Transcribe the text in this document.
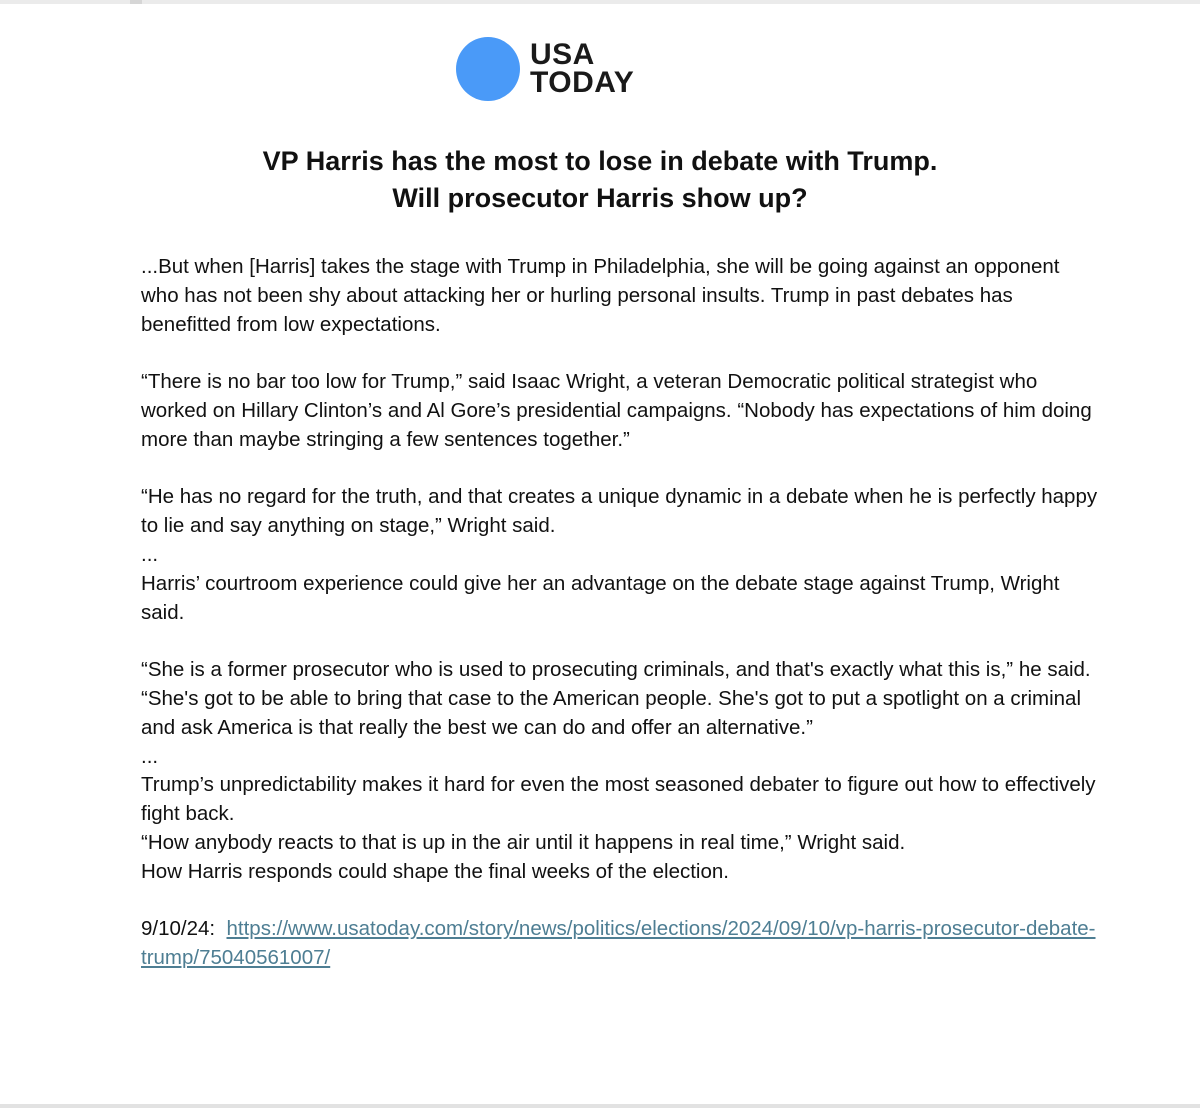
USA
TODAY
VP Harris has the most to lose in debate with Trump.
Will prosecutor Harris show up?

...But when [Harris] takes the stage with Trump in Philadelphia, she will be going against an opponent who has not been shy about attacking her or hurling personal insults. Trump in past debates has benefitted from low expectations.

“There is no bar too low for Trump,” said Isaac Wright, a veteran Democratic political strategist who worked on Hillary Clinton’s and Al Gore’s presidential campaigns. “Nobody has expectations of him doing more than maybe stringing a few sentences together.”

“He has no regard for the truth, and that creates a unique dynamic in a debate when he is perfectly happy to lie and say anything on stage,” Wright said.

...

Harris’ courtroom experience could give her an advantage on the debate stage against Trump, Wright said.

“She is a former prosecutor who is used to prosecuting criminals, and that's exactly what this is,” he said. “She's got to be able to bring that case to the American people. She's got to put a spotlight on a criminal and ask America is that really the best we can do and offer an alternative.”

...

Trump’s unpredictability makes it hard for even the most seasoned debater to figure out how to effectively fight back.

“How anybody reacts to that is up in the air until it happens in real time,” Wright said.

How Harris responds could shape the final weeks of the election.

9/10/24: https://www.usatoday.com/story/news/politics/elections/2024/09/10/vp-harris-prosecutor-debate-trump/75040561007/
